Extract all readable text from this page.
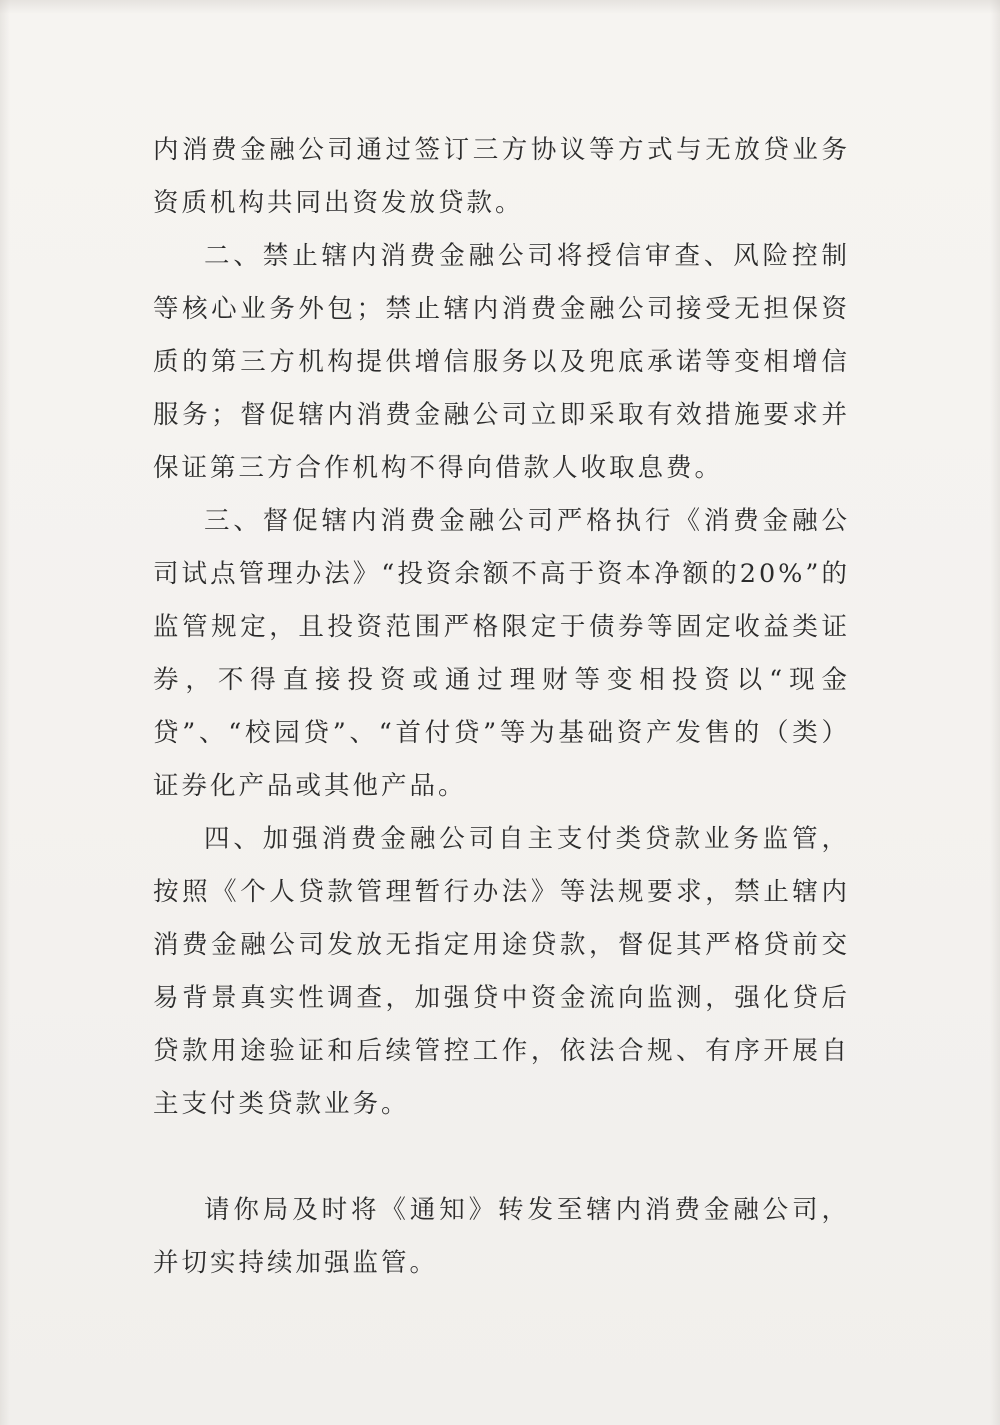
内消费金融公司通过签订三方协议等方式与无放贷业务资质机构共同出资发放贷款。

二、禁止辖内消费金融公司将授信审查、风险控制等核心业务外包；禁止辖内消费金融公司接受无担保资质的第三方机构提供增信服务以及兜底承诺等变相增信服务；督促辖内消费金融公司立即采取有效措施要求并保证第三方合作机构不得向借款人收取息费。

三、督促辖内消费金融公司严格执行《消费金融公司试点管理办法》“投资余额不高于资本净额的20%”的监管规定，且投资范围严格限定于债券等固定收益类证券，不得直接投资或通过理财等变相投资以“现金贷”、“校园贷”、“首付贷”等为基础资产发售的（类）证券化产品或其他产品。

四、加强消费金融公司自主支付类贷款业务监管，按照《个人贷款管理暂行办法》等法规要求，禁止辖内消费金融公司发放无指定用途贷款，督促其严格贷前交易背景真实性调查，加强贷中资金流向监测，强化贷后贷款用途验证和后续管控工作，依法合规、有序开展自主支付类贷款业务。

请你局及时将《通知》转发至辖内消费金融公司，并切实持续加强监管。
